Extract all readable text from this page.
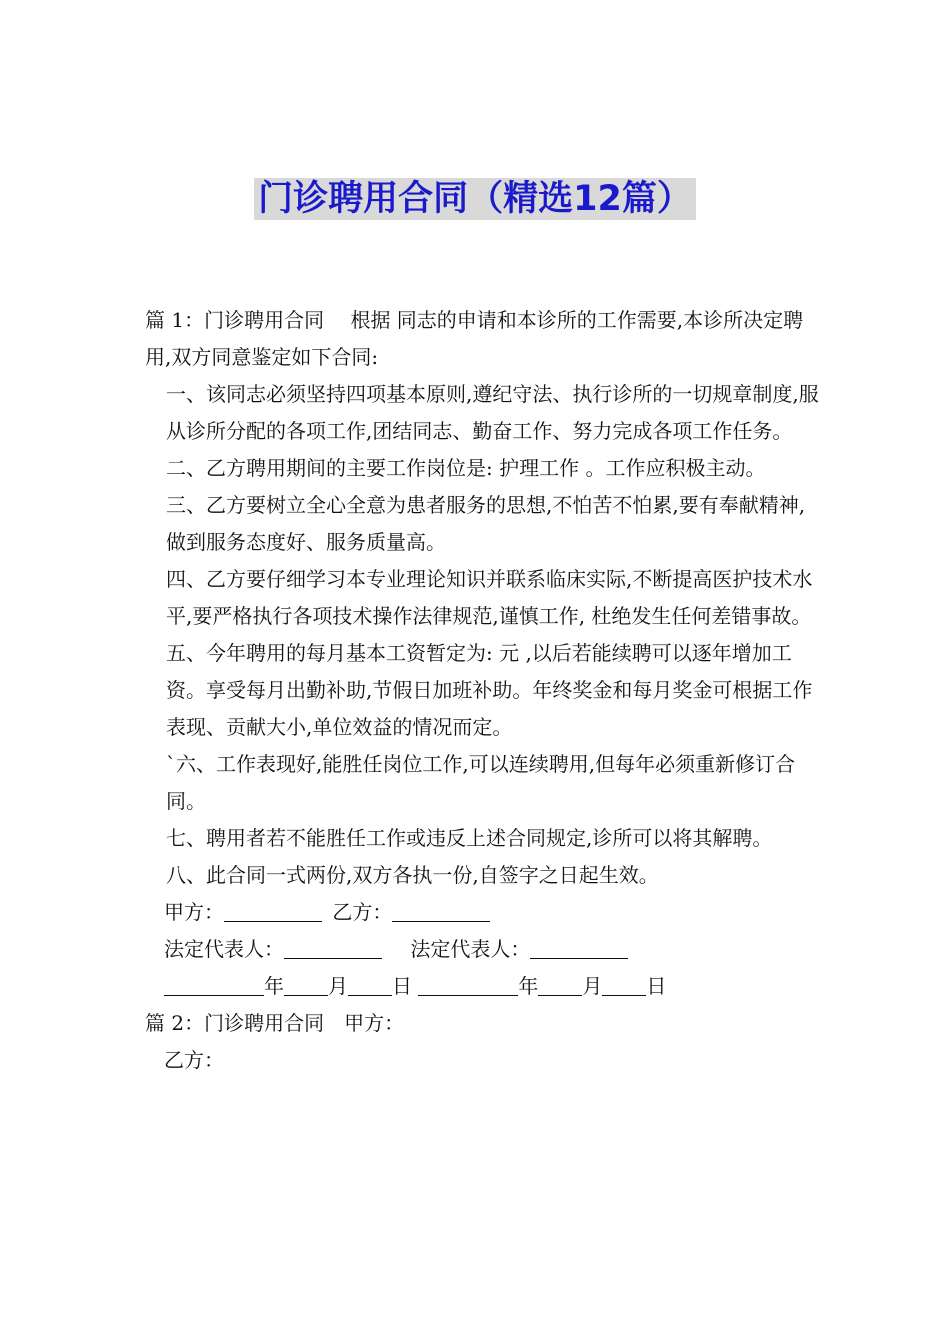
门诊聘用合同（精选12篇）

篇 1：门诊聘用合同　 根据 同志的申请和本诊所的工作需要,本诊所决定聘用,双方同意鉴定如下合同:

一、该同志必须坚持四项基本原则,遵纪守法、执行诊所的一切规章制度,服从诊所分配的各项工作,团结同志、勤奋工作、努力完成各项工作任务。

二、乙方聘用期间的主要工作岗位是: 护理工作 。工作应积极主动。

三、乙方要树立全心全意为患者服务的思想,不怕苦不怕累,要有奉献精神,做到服务态度好、服务质量高。

四、乙方要仔细学习本专业理论知识并联系临床实际,不断提高医护技术水平,要严格执行各项技术操作法律规范,谨慎工作, 杜绝发生任何差错事故。

五、今年聘用的每月基本工资暂定为: 元 ,以后若能续聘可以逐年增加工资。享受每月出勤补助,节假日加班补助。年终奖金和每月奖金可根据工作表现、贡献大小,单位效益的情况而定。

`六、工作表现好,能胜任岗位工作,可以连续聘用,但每年必须重新修订合同。

七、聘用者若不能胜任工作或违反上述合同规定,诊所可以将其解聘。

八、此合同一式两份,双方各执一份,自签字之日起生效。

甲方：	乙方：

法定代表人：	法定代表人：

年 月 日	年 月 日

篇 2：门诊聘用合同　甲方：

乙方：
